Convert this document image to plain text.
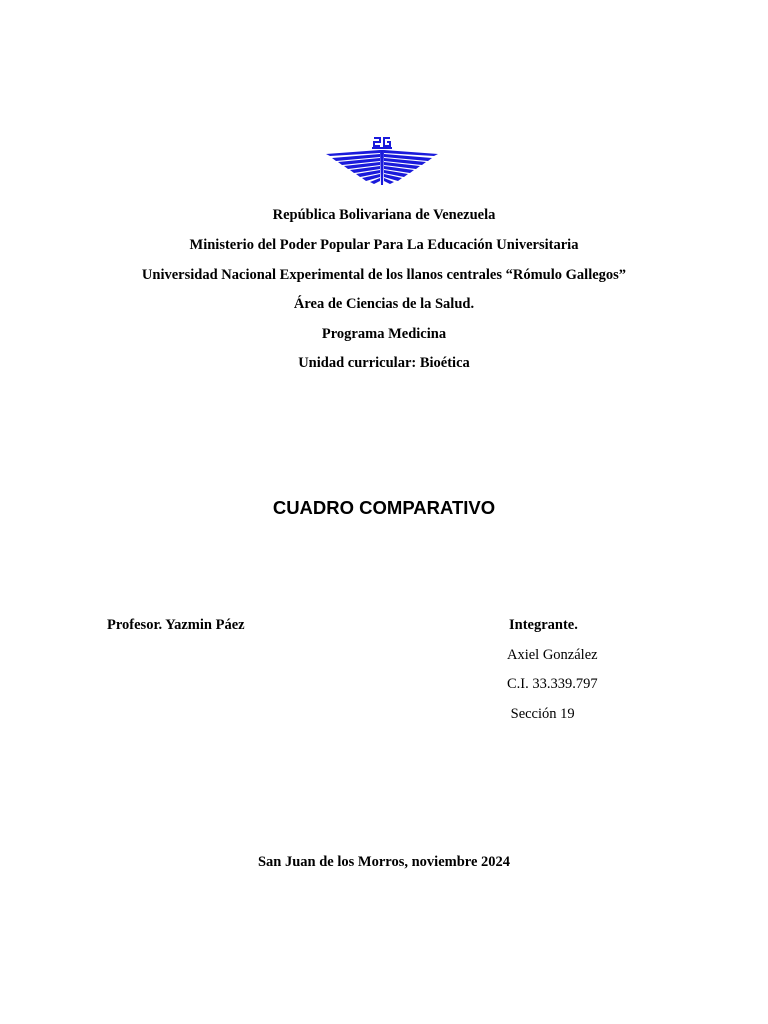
República Bolivariana de Venezuela
Ministerio del Poder Popular Para La Educación Universitaria
Universidad Nacional Experimental de los llanos centrales “Rómulo Gallegos”
Área de Ciencias de la Salud.
Programa Medicina
Unidad curricular: Bioética
CUADRO COMPARATIVO
Profesor. Yazmin Páez	Integrante.
Axiel González
C.I. 33.339.797
Sección 19
San Juan de los Morros, noviembre 2024
